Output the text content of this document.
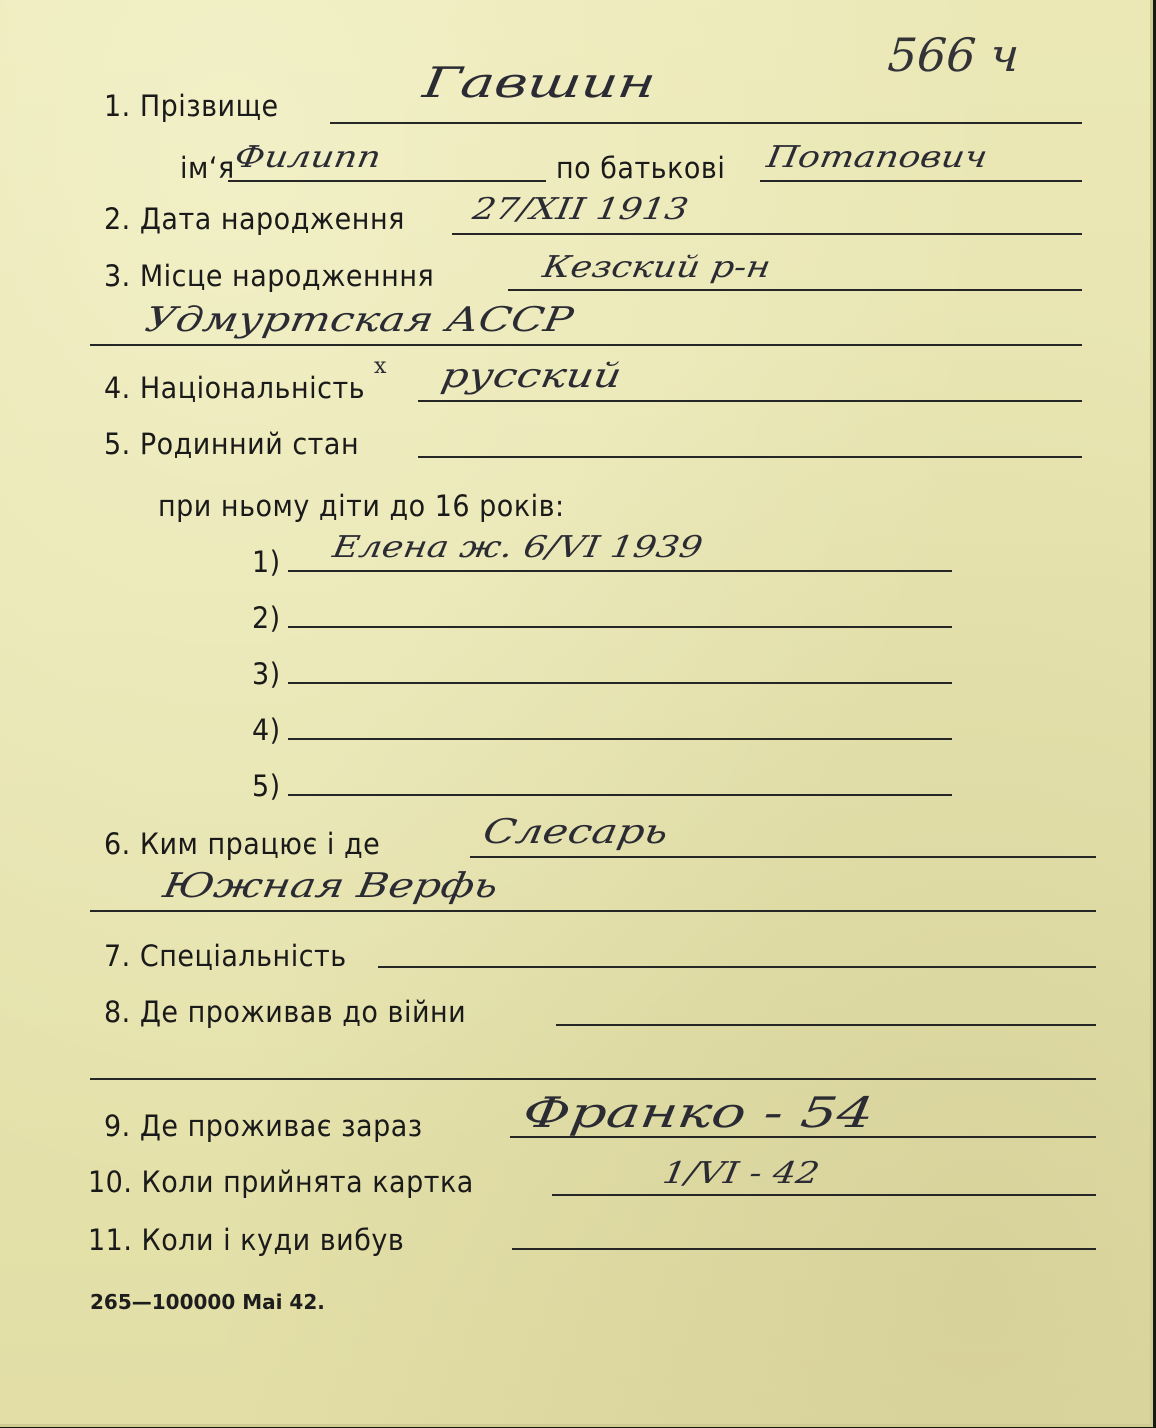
566 ч
1. Прізвище	Гавшин
ім‘я
Филипп	по батькові Потапович
2. Дата народження 27/XII 1913
3. Місце народженння	Кезский р-н
Удмуртская АССР
x
4. Національність русский
5. Родинний стан
при ньому діти до 16 років:
1) Елена ж. 6/VI 1939
2)
3)
4)
5)
6. Ким працює і де	Слесарь
Южная Верфь
7. Спеціальність
8. Де проживав до війни
9. Де проживає зараз Франко - 54
10. Коли прийнята картка	1/VI - 42
11. Коли і куди вибув
265—100000 Mai 42.
